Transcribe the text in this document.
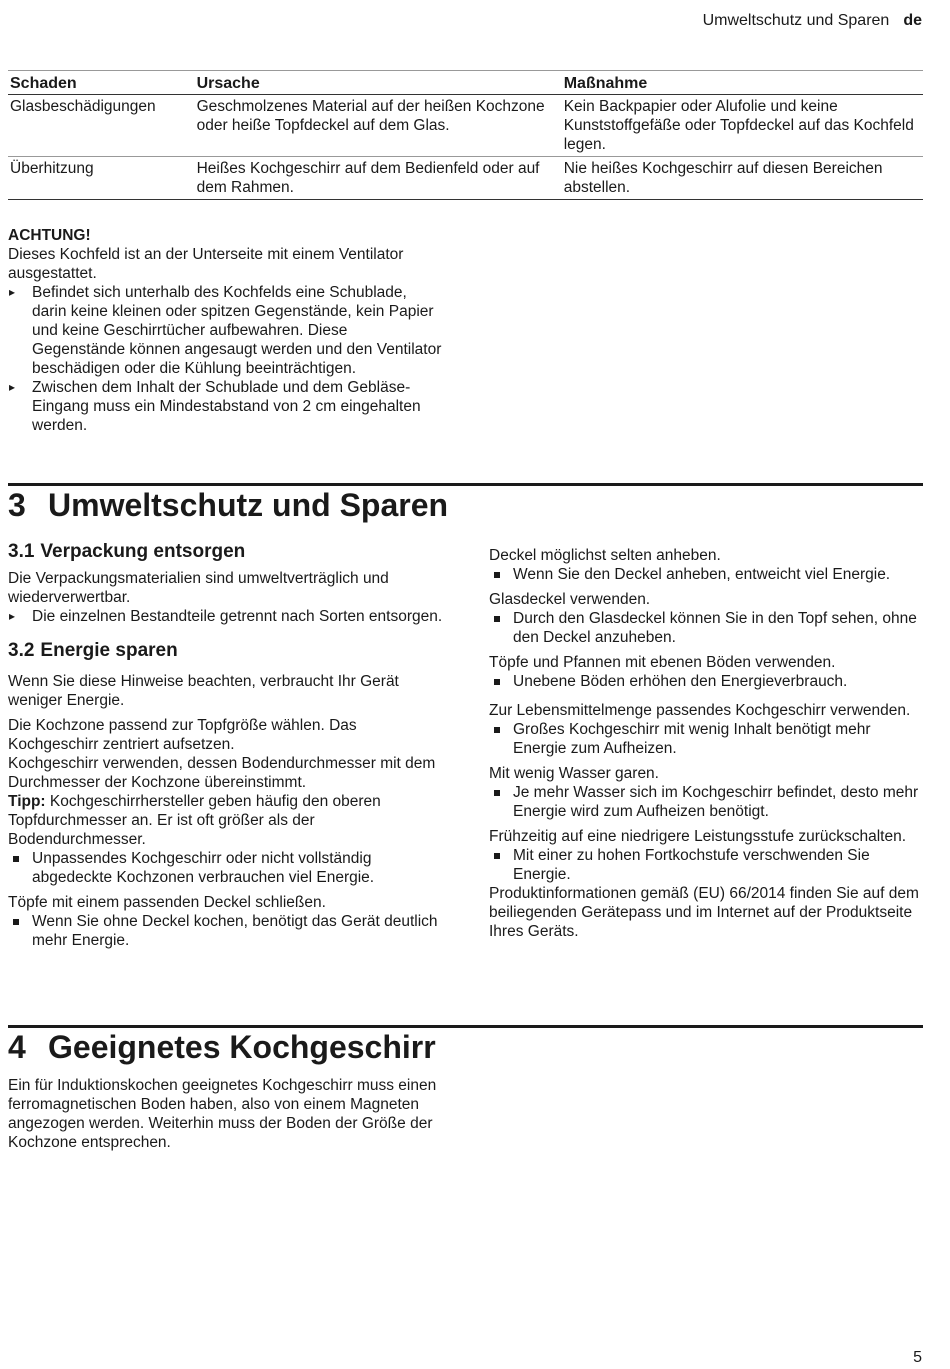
Umweltschutz und Sparen de
Schaden	Ursache	Maßnahme
Glasbeschädigungen	Geschmolzenes Material auf der heißen Kochzone oder heiße Topfdeckel auf dem Glas.	Kein Backpapier oder Alufolie und keine Kunststoffgefäße oder Topfdeckel auf das Kochfeld legen.
Überhitzung	Heißes Kochgeschirr auf dem Bedienfeld oder auf dem Rahmen.	Nie heißes Kochgeschirr auf diesen Bereichen abstellen.

ACHTUNG!

Dieses Kochfeld ist an der Unterseite mit einem Ventilator ausgestattet.

▸ Befindet sich unterhalb des Kochfelds eine Schublade, darin keine kleinen oder spitzen Gegenstände, kein Papier und keine Geschirrtücher aufbewahren. Diese Gegenstände können angesaugt werden und den Ventilator beschädigen oder die Kühlung beeinträchtigen.

▸ Zwischen dem Inhalt der Schublade und dem Gebläse-Eingang muss ein Mindestabstand von 2 cm eingehalten werden.

3 Umweltschutz und Sparen

3.1 Verpackung entsorgen

Die Verpackungsmaterialien sind umweltverträglich und wiederverwertbar.

▸ Die einzelnen Bestandteile getrennt nach Sorten entsorgen.

3.2 Energie sparen

Wenn Sie diese Hinweise beachten, verbraucht Ihr Gerät weniger Energie.

Die Kochzone passend zur Topfgröße wählen. Das Kochgeschirr zentriert aufsetzen.

Kochgeschirr verwenden, dessen Bodendurchmesser mit dem Durchmesser der Kochzone übereinstimmt.

Tipp: Kochgeschirrhersteller geben häufig den oberen Topfdurchmesser an. Er ist oft größer als der Bodendurchmesser.

Unpassendes Kochgeschirr oder nicht vollständig abgedeckte Kochzonen verbrauchen viel Energie.

Töpfe mit einem passenden Deckel schließen.

Wenn Sie ohne Deckel kochen, benötigt das Gerät deutlich mehr Energie.

Deckel möglichst selten anheben.

Wenn Sie den Deckel anheben, entweicht viel Energie.

Glasdeckel verwenden.

Durch den Glasdeckel können Sie in den Topf sehen, ohne den Deckel anzuheben.

Töpfe und Pfannen mit ebenen Böden verwenden.

Unebene Böden erhöhen den Energieverbrauch.

Zur Lebensmittelmenge passendes Kochgeschirr verwenden.

Großes Kochgeschirr mit wenig Inhalt benötigt mehr Energie zum Aufheizen.

Mit wenig Wasser garen.

Je mehr Wasser sich im Kochgeschirr befindet, desto mehr Energie wird zum Aufheizen benötigt.

Frühzeitig auf eine niedrigere Leistungsstufe zurückschalten.

Mit einer zu hohen Fortkochstufe verschwenden Sie Energie.

Produktinformationen gemäß (EU) 66/2014 finden Sie auf dem beiliegenden Gerätepass und im Internet auf der Produktseite Ihres Geräts.

4 Geeignetes Kochgeschirr

Ein für Induktionskochen geeignetes Kochgeschirr muss einen ferromagnetischen Boden haben, also von einem Magneten angezogen werden. Weiterhin muss der Boden der Größe der Kochzone entsprechen.

5
